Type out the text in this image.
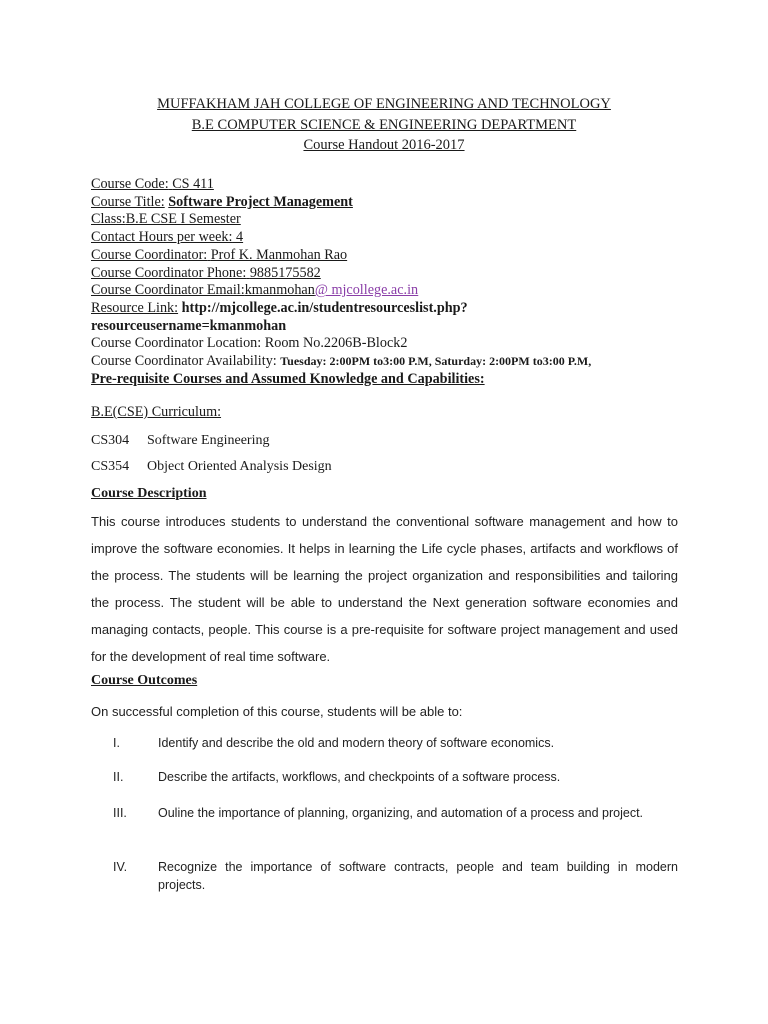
MUFFAKHAM JAH COLLEGE OF ENGINEERING AND TECHNOLOGY
B.E COMPUTER SCIENCE & ENGINEERING DEPARTMENT
Course Handout 2016-2017
Course Code: CS 411
Course Title: Software Project Management
Class:B.E CSE I Semester
Contact Hours per week: 4
Course Coordinator: Prof K. Manmohan Rao
Course Coordinator Phone: 9885175582
Course Coordinator Email:kmanmohan@ mjcollege.ac.in
Resource Link: http://mjcollege.ac.in/studentresourceslist.php?
resourceusername=kmanmohan
Course Coordinator Location: Room No.2206B-Block2
Course Coordinator Availability: Tuesday: 2:00PM to3:00 P.M, Saturday: 2:00PM to3:00 P.M,
Pre-requisite Courses and Assumed Knowledge and Capabilities:
B.E(CSE) Curriculum:
CS304 Software Engineering
CS354 Object Oriented Analysis Design
Course Description
This course introduces students to understand the conventional software management and how to improve the software economies. It helps in learning the Life cycle phases, artifacts and workflows of the process. The students will be learning the project organization and responsibilities and tailoring the process. The student will be able to understand the Next generation software economies and managing contacts, people. This course is a pre-requisite for software project management and used for the development of real time software.
Course Outcomes
On successful completion of this course, students will be able to:
I.	Identify and describe the old and modern theory of software economics.
II.	Describe the artifacts, workflows, and checkpoints of a software process.
III. Ouline the importance of planning, organizing, and automation of a process and project.
IV. Recognize the importance of software contracts, people and team building in modern projects.
